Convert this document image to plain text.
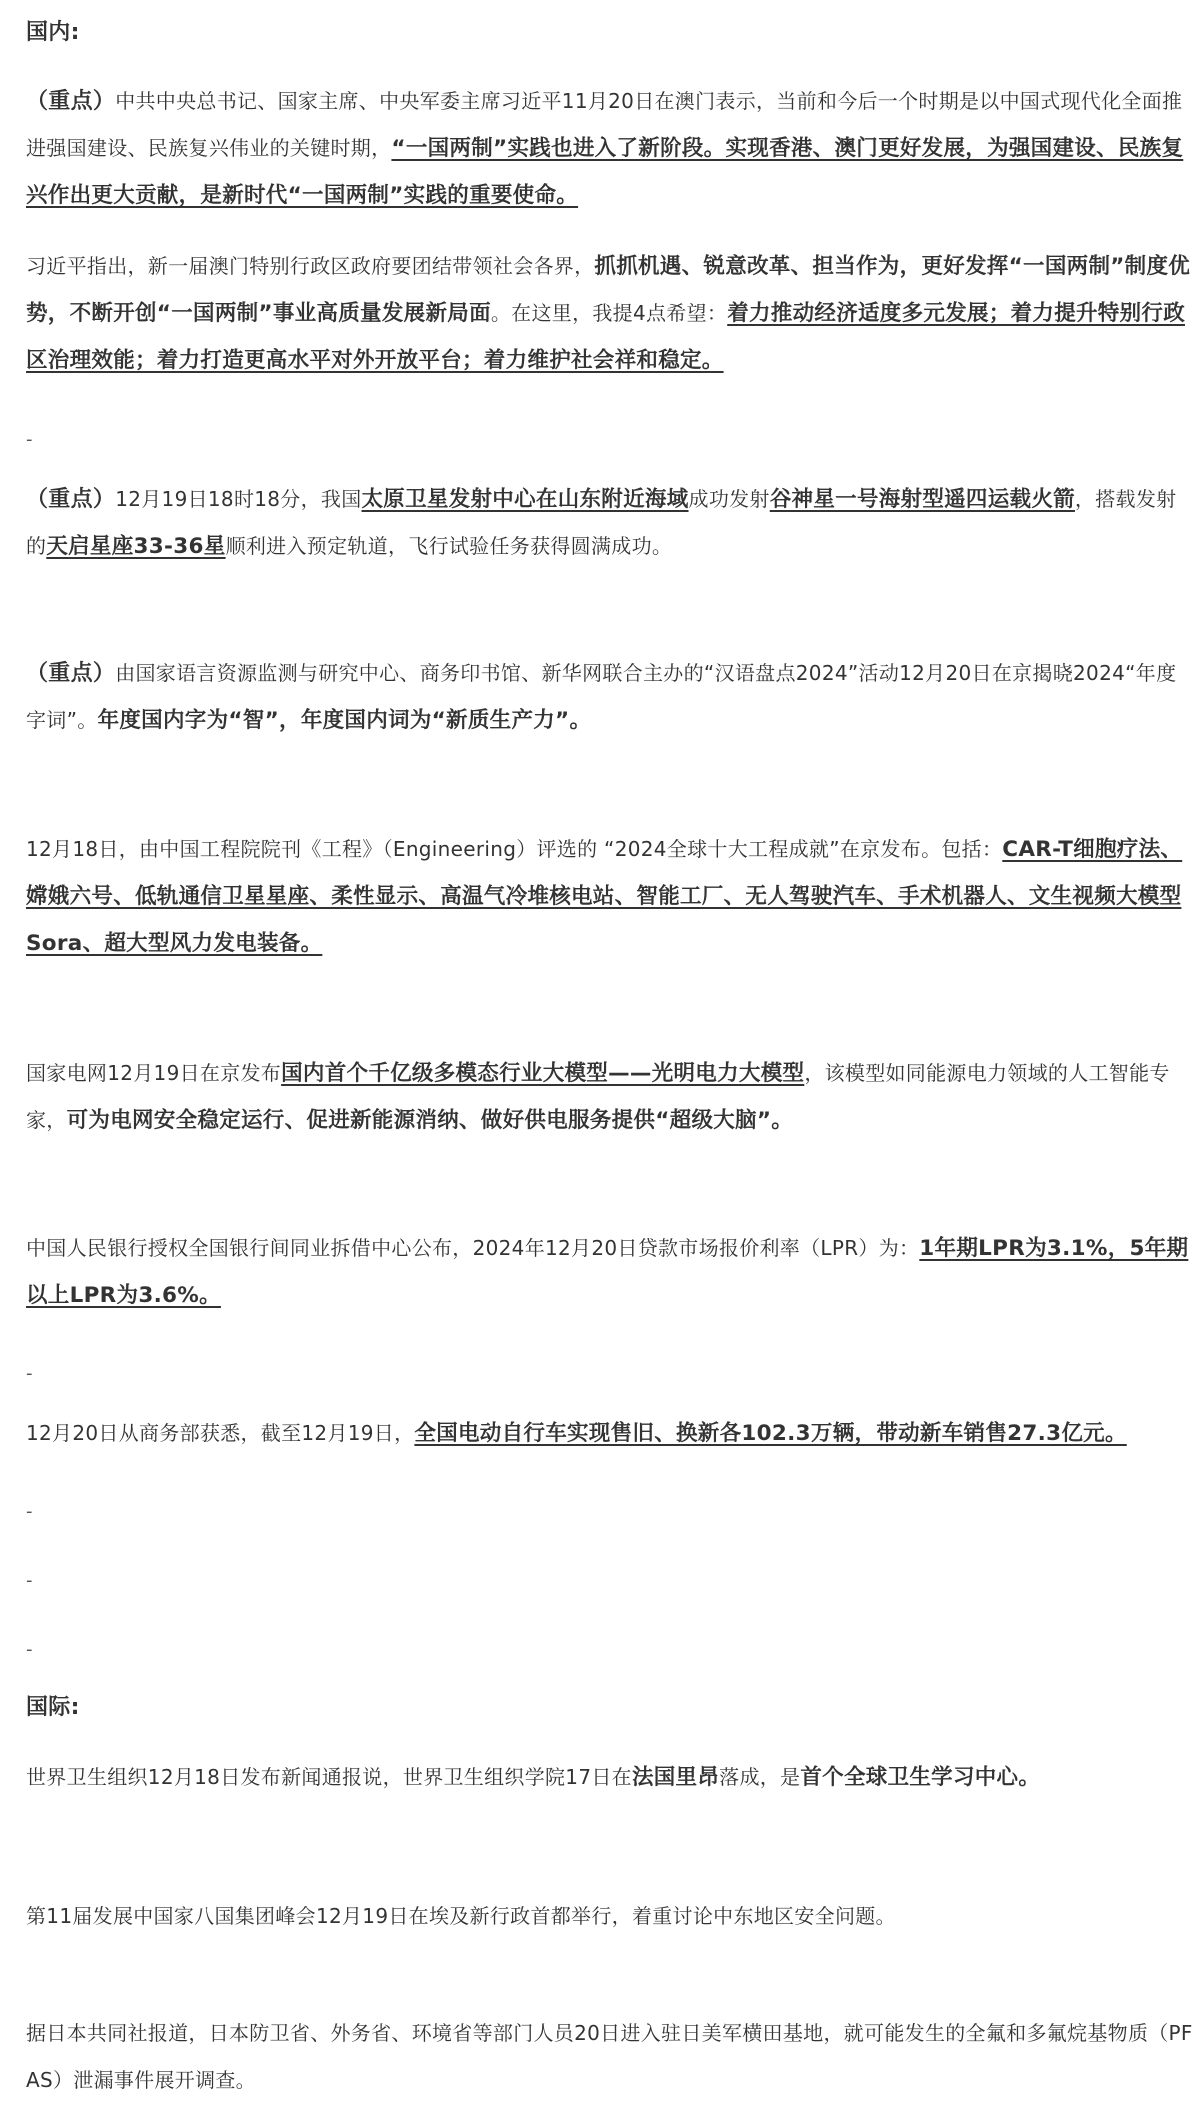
国内:

（重点）中共中央总书记、国家主席、中央军委主席习近平11月20日在澳门表示，当前和今后一个时期是以中国式现代化全面推进强国建设、民族复兴伟业的关键时期，“一国两制”实践也进入了新阶段。实现香港、澳门更好发展，为强国建设、民族复兴作出更大贡献，是新时代“一国两制”实践的重要使命。

习近平指出，新一届澳门特别行政区政府要团结带领社会各界，抓抓机遇、锐意改革、担当作为，更好发挥“一国两制”制度优势，不断开创“一国两制”事业高质量发展新局面。在这里，我提4点希望：着力推动经济适度多元发展；着力提升特别行政区治理效能；着力打造更高水平对外开放平台；着力维护社会祥和稳定。

-

（重点）12月19日18时18分，我国太原卫星发射中心在山东附近海域成功发射谷神星一号海射型遥四运载火箭，搭载发射的天启星座33-36星顺利进入预定轨道，飞行试验任务获得圆满成功。

（重点）由国家语言资源监测与研究中心、商务印书馆、新华网联合主办的“汉语盘点2024”活动12月20日在京揭晓2024“年度字词”。年度国内字为“智”，年度国内词为“新质生产力”。

12月18日，由中国工程院院刊《工程》（Engineering）评选的 “2024全球十大工程成就”在京发布。包括：CAR-T细胞疗法、嫦娥六号、低轨通信卫星星座、柔性显示、高温气冷堆核电站、智能工厂、无人驾驶汽车、手术机器人、文生视频大模型Sora、超大型风力发电装备。

国家电网12月19日在京发布国内首个千亿级多模态行业大模型——光明电力大模型，该模型如同能源电力领域的人工智能专家，可为电网安全稳定运行、促进新能源消纳、做好供电服务提供“超级大脑”。

中国人民银行授权全国银行间同业拆借中心公布，2024年12月20日贷款市场报价利率（LPR）为：1年期LPR为3.1%，5年期以上LPR为3.6%。

-

12月20日从商务部获悉，截至12月19日，全国电动自行车实现售旧、换新各102.3万辆，带动新车销售27.3亿元。

-
-
-
国际:

世界卫生组织12月18日发布新闻通报说，世界卫生组织学院17日在法国里昂落成，是首个全球卫生学习中心。

第11届发展中国家八国集团峰会12月19日在埃及新行政首都举行，着重讨论中东地区安全问题。

据日本共同社报道，日本防卫省、外务省、环境省等部门人员20日进入驻日美军横田基地，就可能发生的全氟和多氟烷基物质（PFAS）泄漏事件展开调查。
